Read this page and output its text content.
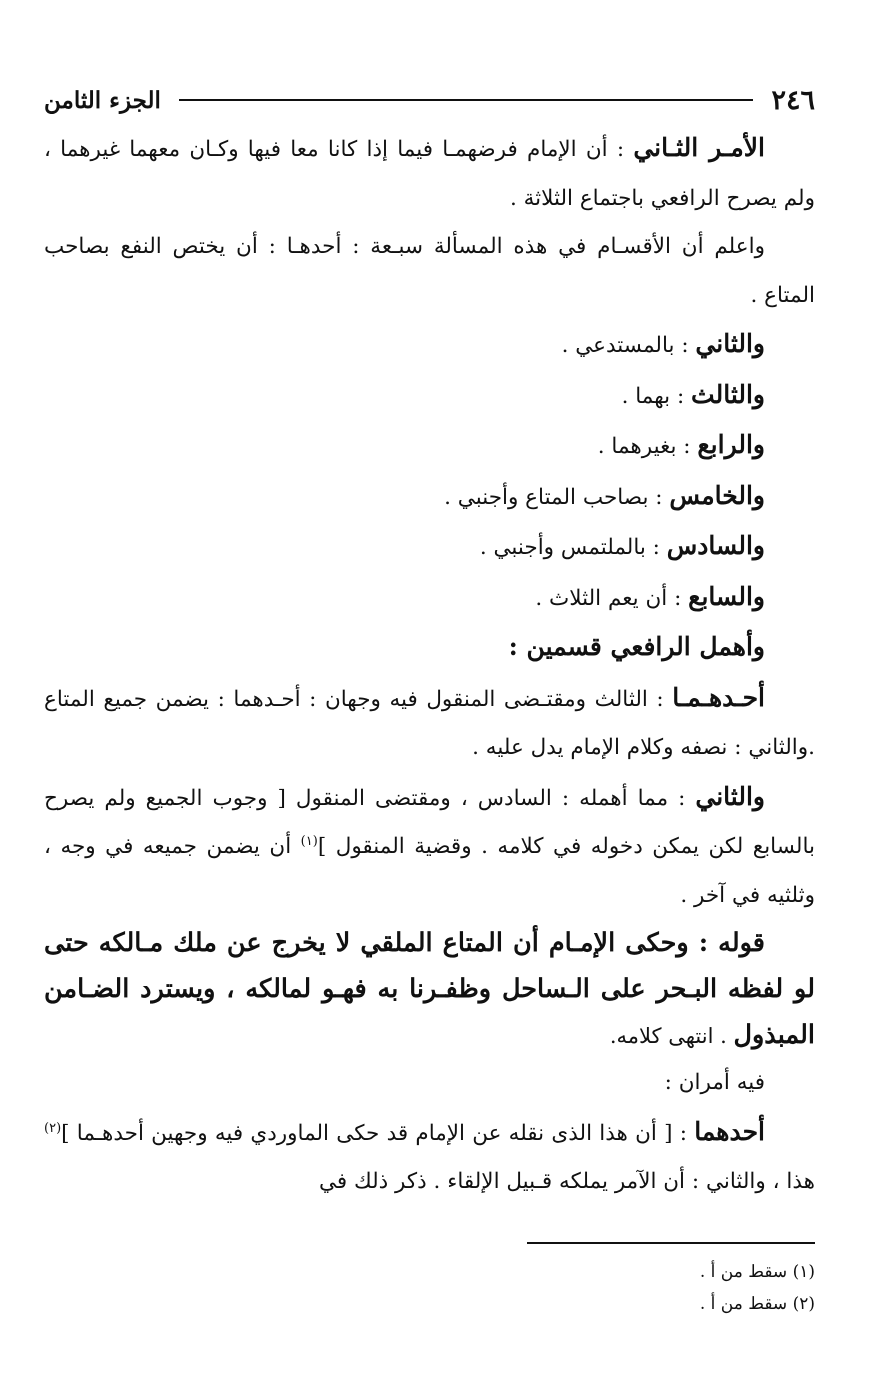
٢٤٦
الجزء الثامن

الأمـر الثـاني : أن الإمام فرضهمـا فيما إذا كانا معا فيها وكـان معهما غيرهما ، ولم يصرح الرافعي باجتماع الثلاثة .

واعلم أن الأقسـام في هذه المسألة سبـعة : أحدهـا : أن يختص النفع بصاحب المتاع .

والثاني : بالمستدعي .

والثالث : بهما .

والرابع : بغيرهما .

والخامس : بصاحب المتاع وأجنبي .

والسادس : بالملتمس وأجنبي .

والسابع : أن يعم الثلاث .

وأهمل الرافعي قسمين :

أحـدهـمـا : الثالث ومقتـضى المنقول فيه وجهان : أحـدهما : يضمن جميع المتاع .والثاني : نصفه وكلام الإمام يدل عليه .

والثاني : مما أهمله : السادس ، ومقتضى المنقول [ وجوب الجميع ولم يصرح بالسابع لكن يمكن دخوله في كلامه . وقضية المنقول ]$^{(١)}$ أن يضمن جميعه في وجه ، وثلثيه في آخر .

قوله : وحكى الإمـام أن المتاع الملقي لا يخرج عن ملك مـالكه حتى لو لفظه البـحر على الـساحل وظفـرنا به فهـو لمالكه ، ويسترد الضـامن المبذول . انتهى كلامه.

فيه أمران :

أحدهما : [ أن هذا الذى نقله عن الإمام قد حكى الماوردي فيه وجهين أحدهـما ]$^{(٢)}$ هذا ، والثاني : أن الآمر يملكه قـبيل الإلقاء . ذكر ذلك في

(١) سقط من أ .

(٢) سقط من أ .
